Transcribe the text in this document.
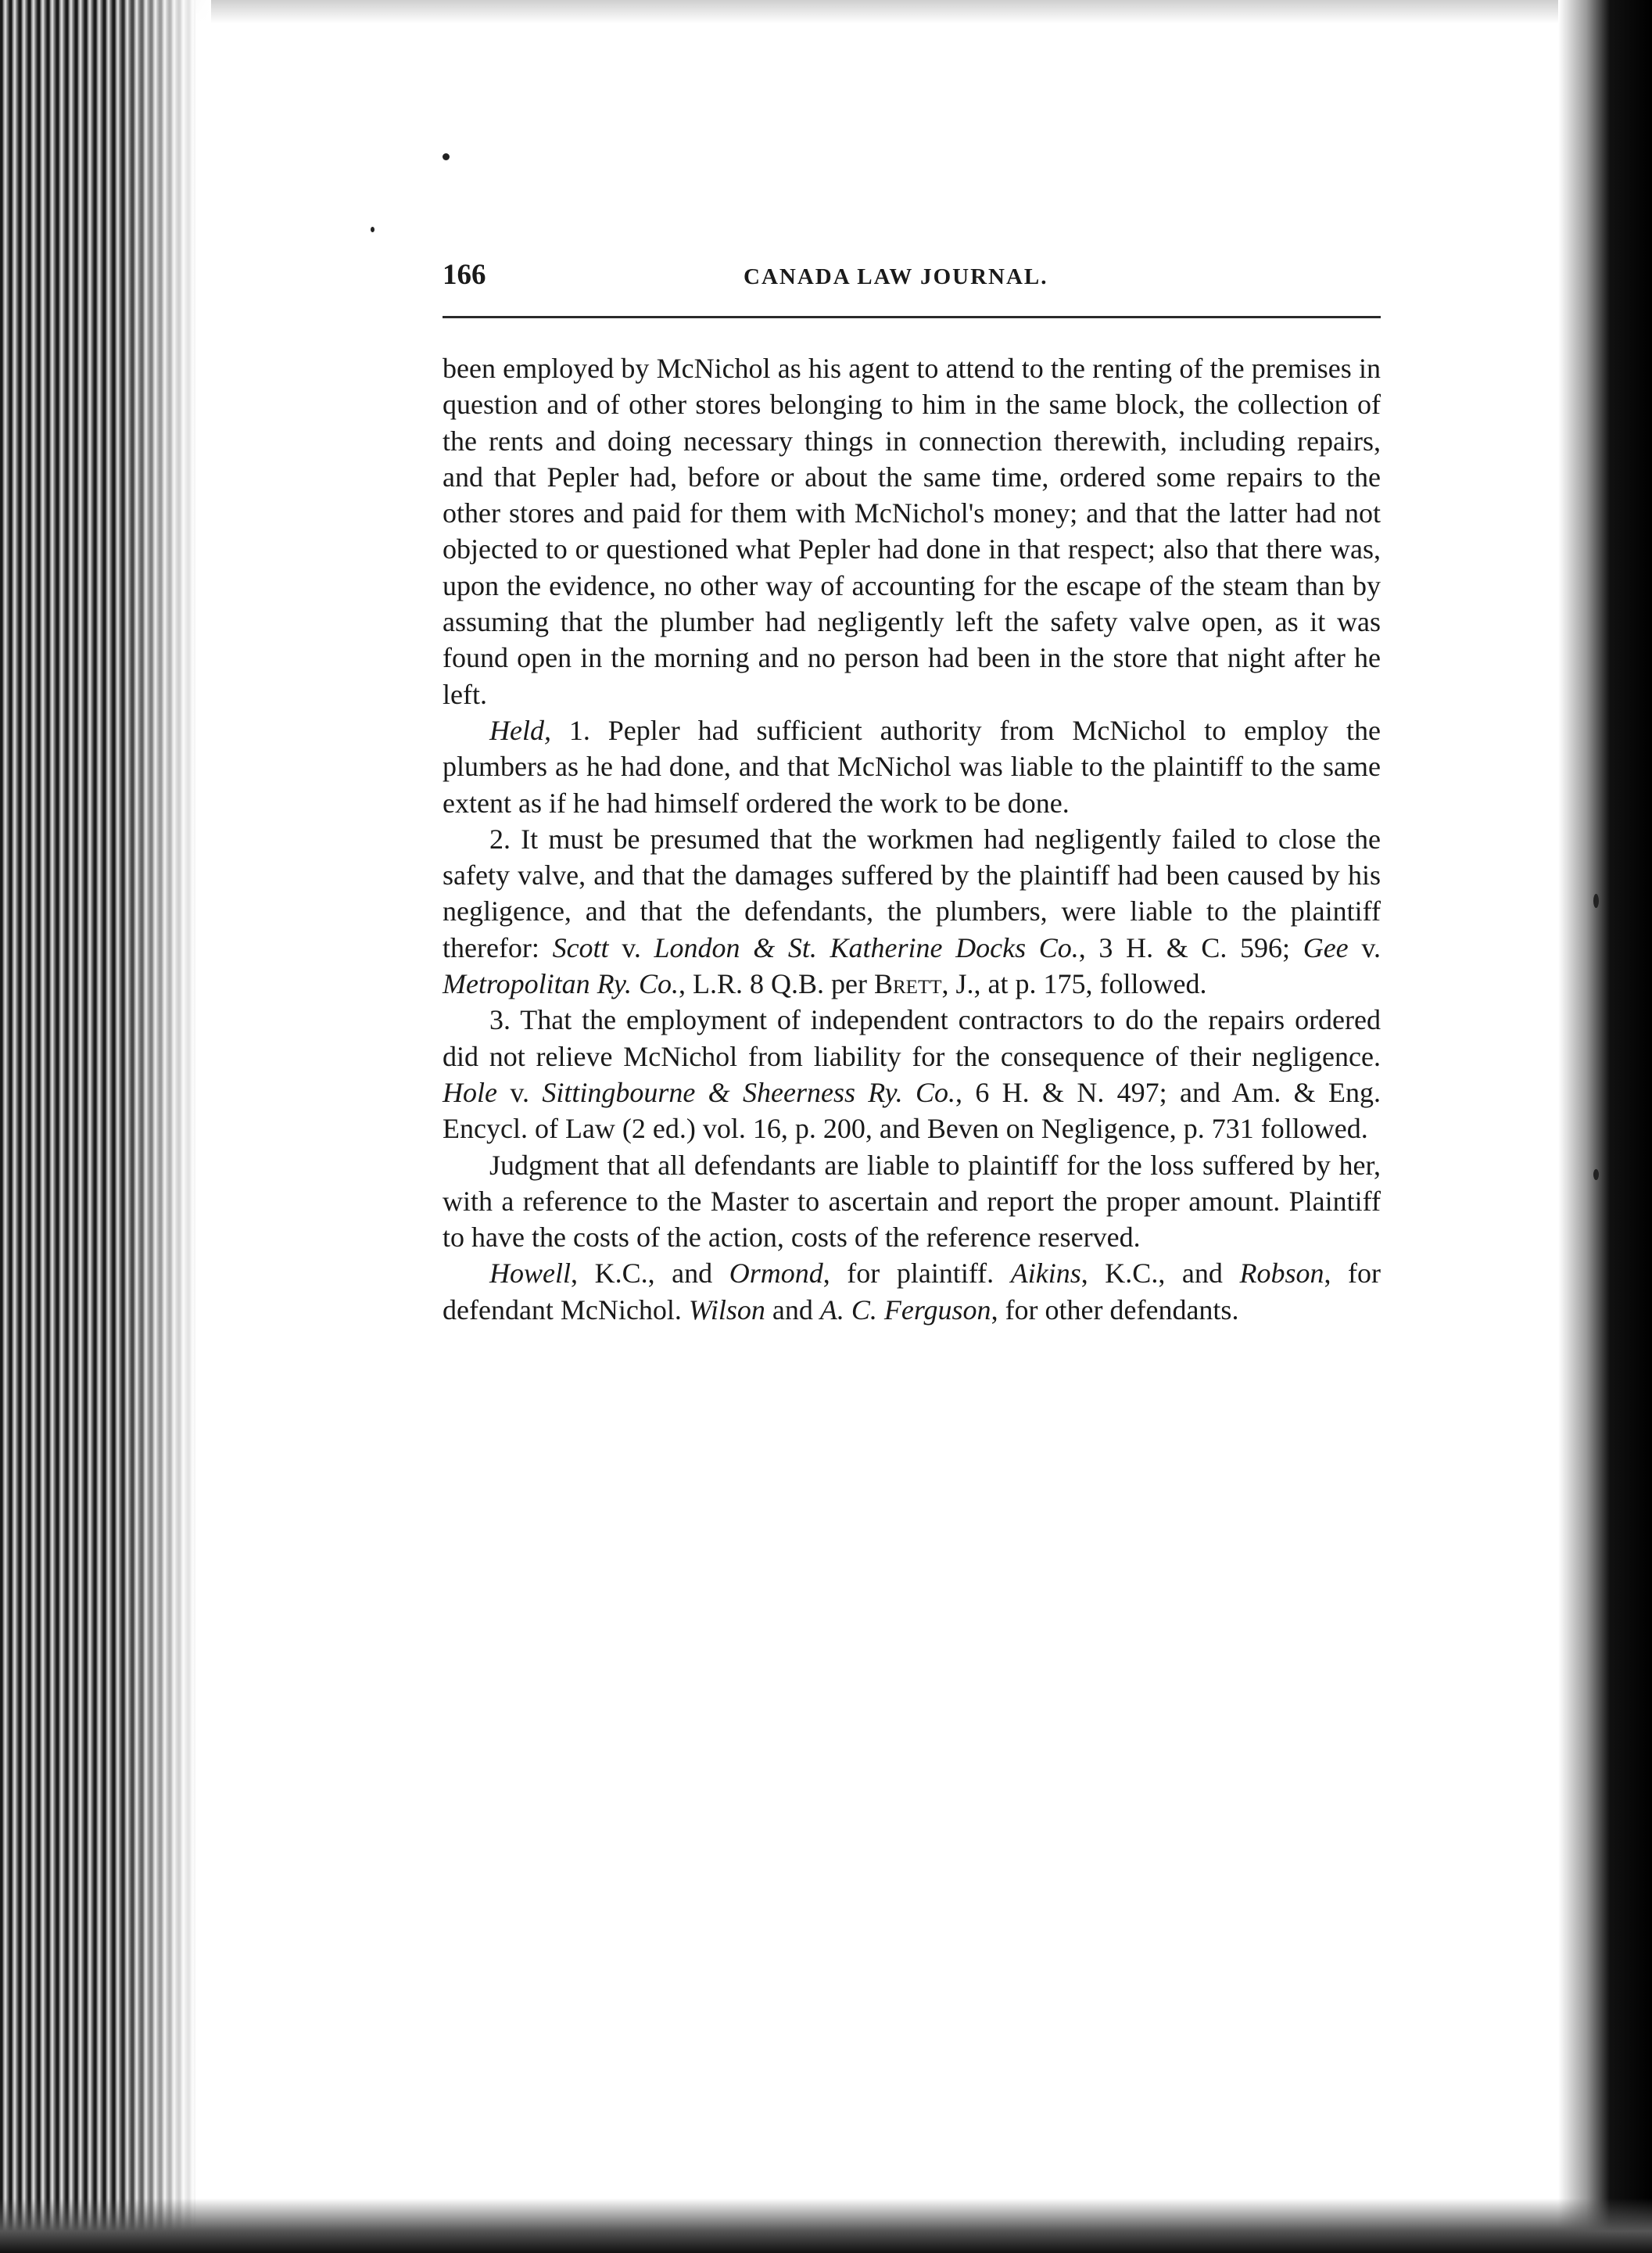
166	CANADA LAW JOURNAL.

been employed by McNichol as his agent to attend to the renting of the premises in question and of other stores belonging to him in the same block, the collection of the rents and doing necessary things in connection therewith, including repairs, and that Pepler had, before or about the same time, ordered some repairs to the other stores and paid for them with McNichol's money; and that the latter had not objected to or questioned what Pepler had done in that respect; also that there was, upon the evidence, no other way of accounting for the escape of the steam than by assuming that the plumber had negligently left the safety valve open, as it was found open in the morning and no person had been in the store that night after he left.

Held, 1. Pepler had sufficient authority from McNichol to employ the plumbers as he had done, and that McNichol was liable to the plaintiff to the same extent as if he had himself ordered the work to be done.

2. It must be presumed that the workmen had negligently failed to close the safety valve, and that the damages suffered by the plaintiff had been caused by his negligence, and that the defendants, the plumbers, were liable to the plaintiff therefor: Scott v. London & St. Katherine Docks Co., 3 H. & C. 596; Gee v. Metropolitan Ry. Co., L.R. 8 Q.B. per Brett, J., at p. 175, followed.

3. That the employment of independent contractors to do the repairs ordered did not relieve McNichol from liability for the consequence of their negligence. Hole v. Sittingbourne & Sheerness Ry. Co., 6 H. & N. 497; and Am. & Eng. Encycl. of Law (2 ed.) vol. 16, p. 200, and Beven on Negligence, p. 731 followed.

Judgment that all defendants are liable to plaintiff for the loss suffered by her, with a reference to the Master to ascertain and report the proper amount. Plaintiff to have the costs of the action, costs of the reference reserved.

Howell, K.C., and Ormond, for plaintiff. Aikins, K.C., and Robson, for defendant McNichol. Wilson and A. C. Ferguson, for other defendants.
